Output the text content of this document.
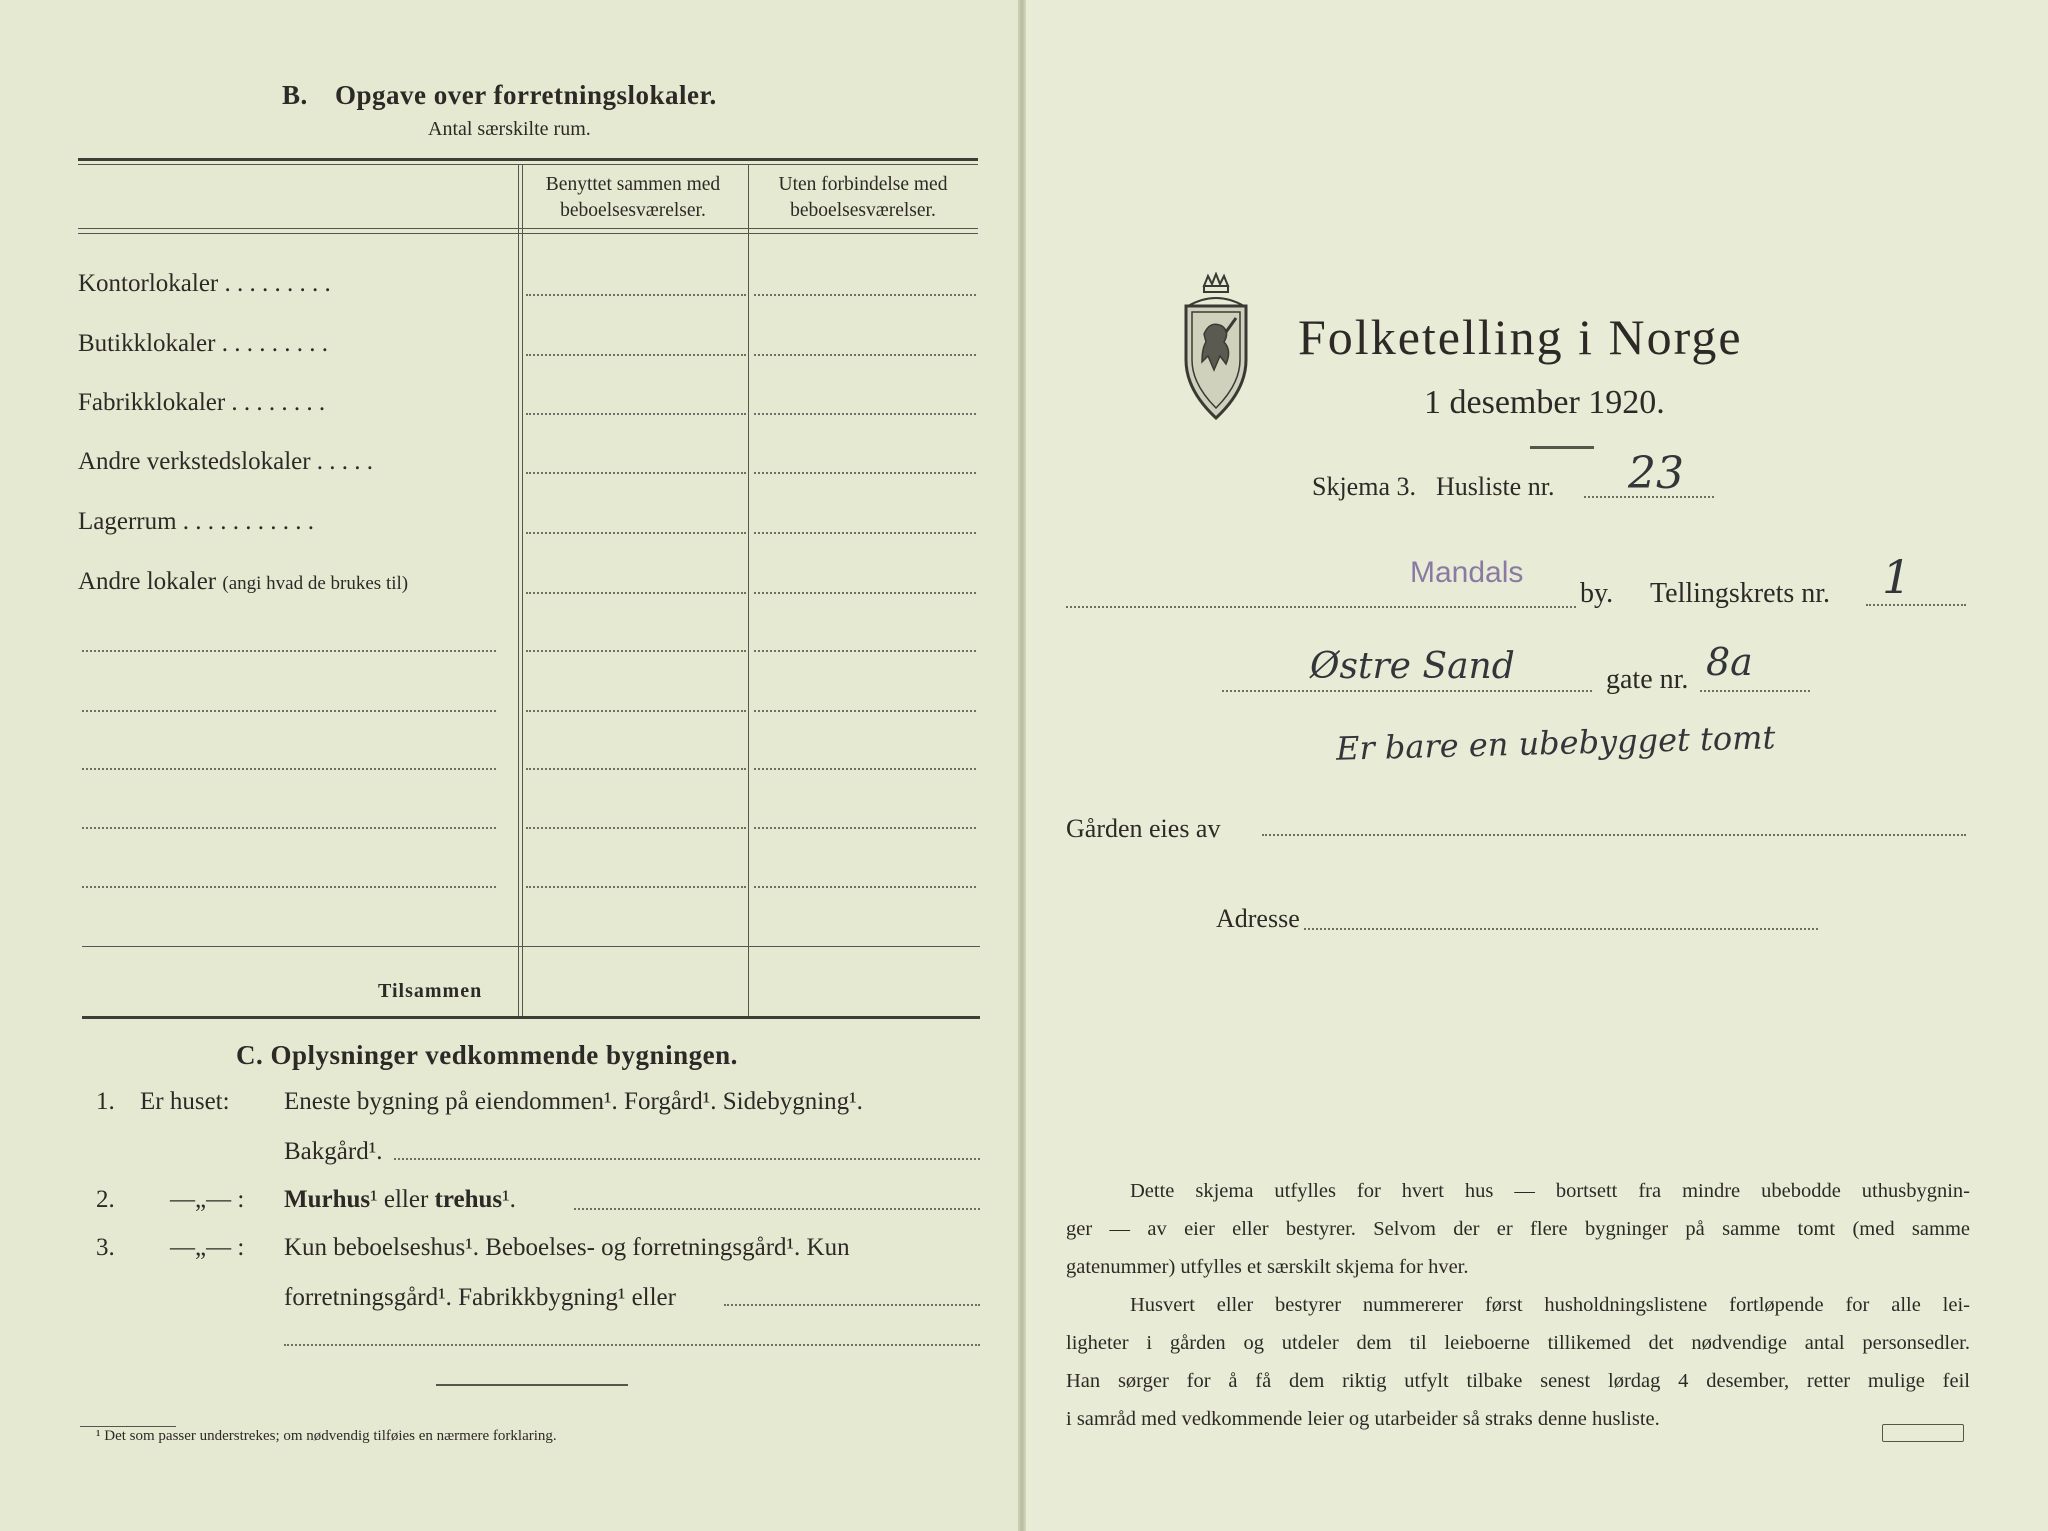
B. Opgave over forretningslokaler.
Antal særskilte rum.
Benyttet sammen med
beboelsesværelser.
Uten forbindelse med
beboelsesværelser.
Kontorlokaler . . . . . . . . .
Butikklokaler . . . . . . . . .
Fabrikklokaler . . . . . . . .
Andre verkstedslokaler . . . . .
Lagerrum . . . . . . . . . . .
Andre lokaler (angi hvad de brukes til)
Tilsammen
C. Oplysninger vedkommende bygningen.
1. Er huset: Eneste bygning på eiendommen¹. Forgård¹. Sidebygning¹.
Bakgård¹.
2. —„— : Murhus¹ eller trehus¹.
3. —„— : Kun beboelseshus¹. Beboelses- og forretningsgård¹. Kun
forretningsgård¹. Fabrikkbygning¹ eller
¹ Det som passer understrekes; om nødvendig tilføies en nærmere forklaring.
Folketelling i Norge
1 desember 1920.
Skjema 3. Husliste nr. 23
Mandals
by. Tellingskrets nr. 1
Østre Sand	gate nr. 8a
Er bare en ubebygget tomt
Gården eies av
Adresse
Dette skjema utfylles for hvert hus — bortsett fra mindre ubebodde uthusbygnin-
ger — av eier eller bestyrer. Selvom der er flere bygninger på samme tomt (med samme
gatenummer) utfylles et særskilt skjema for hver.
Husvert eller bestyrer nummererer først husholdningslistene fortløpende for alle lei-
ligheter i gården og utdeler dem til leieboerne tillikemed det nødvendige antal personsedler.
Han sørger for å få dem riktig utfylt tilbake senest lørdag 4 desember, retter mulige feil
i samråd med vedkommende leier og utarbeider så straks denne husliste.
